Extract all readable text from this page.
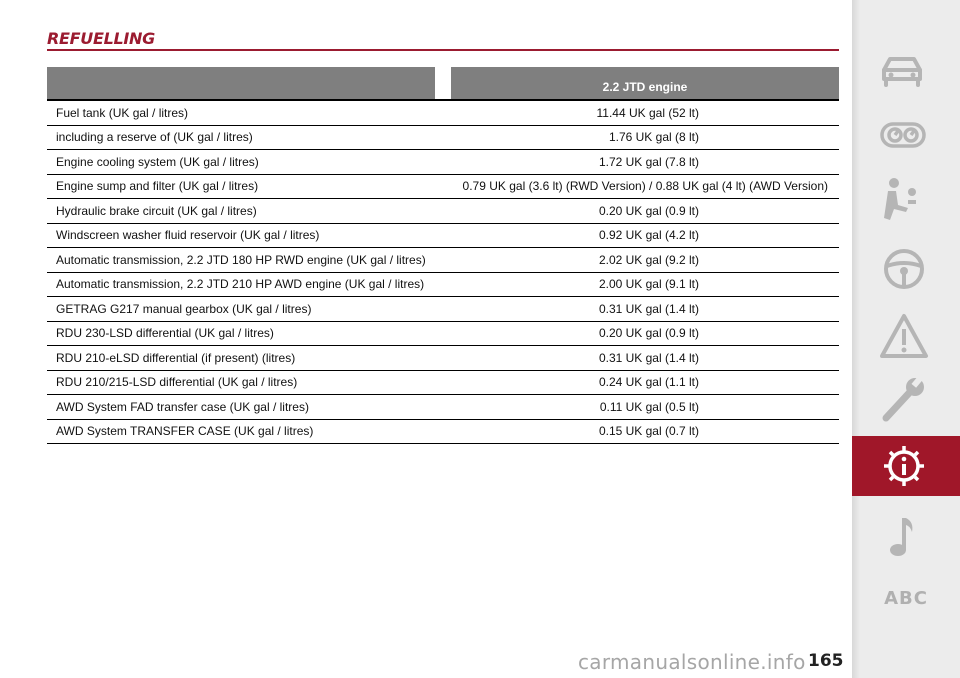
REFUELLING
2.2 JTD engine
Fuel tank (UK gal / litres)	11.44 UK gal (52 lt)
including a reserve of (UK gal / litres)	1.76 UK gal (8 lt)
Engine cooling system (UK gal / litres)	1.72 UK gal (7.8 lt)
Engine sump and filter (UK gal / litres)	0.79 UK gal (3.6 lt) (RWD Version) / 0.88 UK gal (4 lt) (AWD Version)
Hydraulic brake circuit (UK gal / litres)	0.20 UK gal (0.9 lt)
Windscreen washer fluid reservoir (UK gal / litres)	0.92 UK gal (4.2 lt)
Automatic transmission, 2.2 JTD 180 HP RWD engine (UK gal / litres)	2.02 UK gal (9.2 lt)
Automatic transmission, 2.2 JTD 210 HP AWD engine (UK gal / litres)	2.00 UK gal (9.1 lt)
GETRAG G217 manual gearbox (UK gal / litres)	0.31 UK gal (1.4 lt)
RDU 230-LSD differential (UK gal / litres)	0.20 UK gal (0.9 lt)
RDU 210-eLSD differential (if present) (litres)	0.31 UK gal (1.4 lt)
RDU 210/215-LSD differential (UK gal / litres)	0.24 UK gal (1.1 lt)
AWD System FAD transfer case (UK gal / litres)	0.11 UK gal (0.5 lt)
AWD System TRANSFER CASE (UK gal / litres)	0.15 UK gal (0.7 lt)
165
ABC
carmanualsonline.info
